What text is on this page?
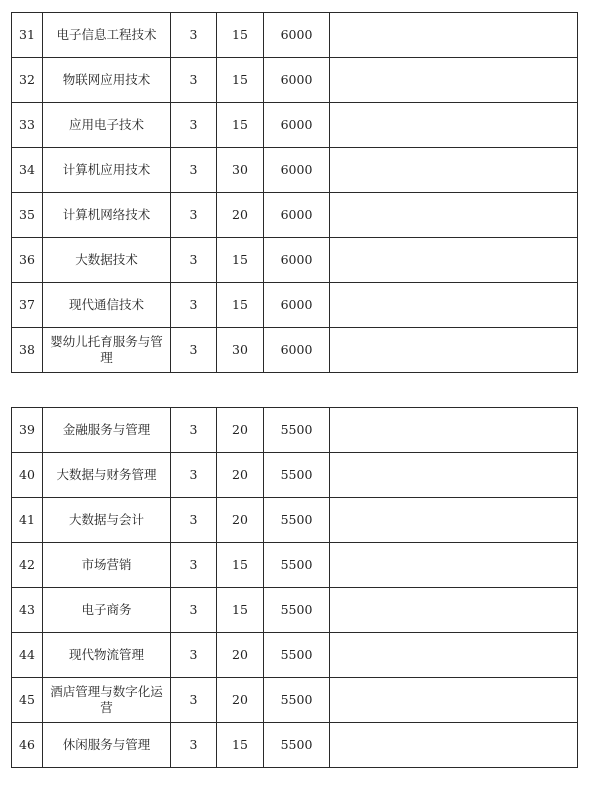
31	电子信息工程技术	3	15	6000	
32	物联网应用技术	3	15	6000	
33	应用电子技术	3	15	6000	
34	计算机应用技术	3	30	6000	
35	计算机网络技术	3	20	6000	
36	大数据技术	3	15	6000	
37	现代通信技术	3	15	6000	
38	婴幼儿托育服务与管理	3	30	6000	
39	金融服务与管理	3	20	5500	
40	大数据与财务管理	3	20	5500	
41	大数据与会计	3	20	5500	
42	市场营销	3	15	5500	
43	电子商务	3	15	5500	
44	现代物流管理	3	20	5500	
45	酒店管理与数字化运营	3	20	5500	
46	休闲服务与管理	3	15	5500	
